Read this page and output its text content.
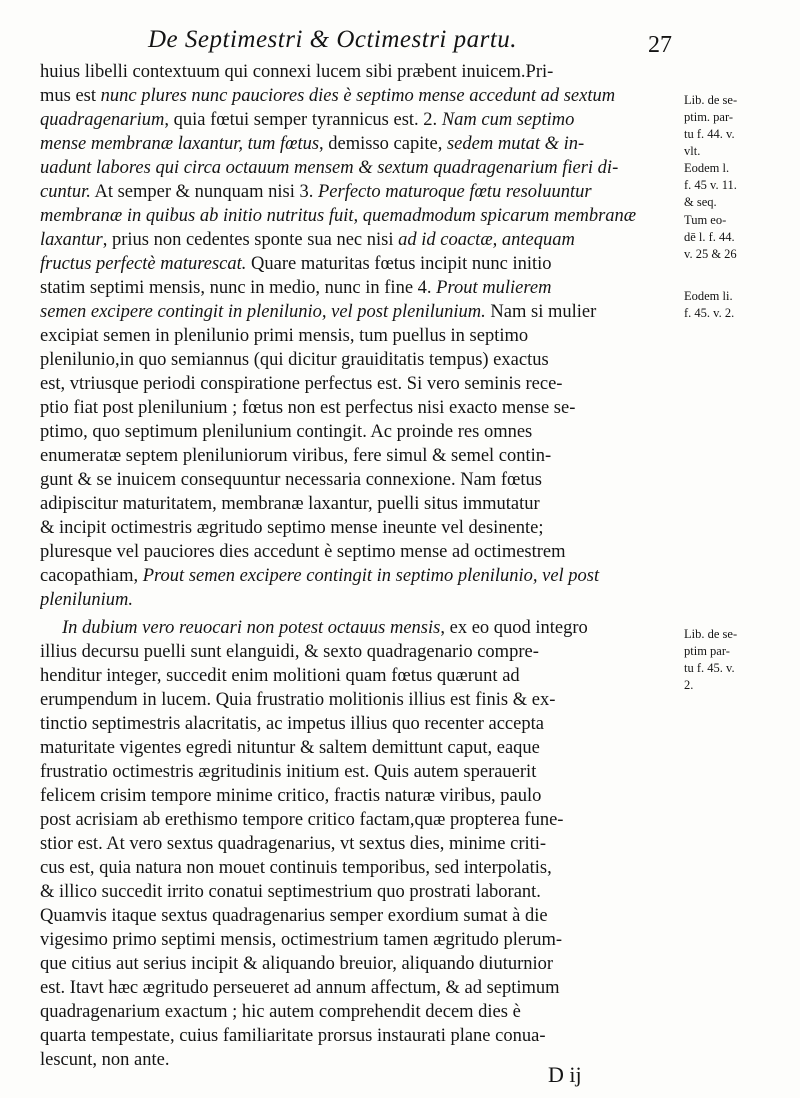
De Septimestri & Octimestri partu.	27
huius libelli contextuum qui connexi lucem sibi præbent inuicem.Pri-
mus est nunc plures nunc pauciores dies è septimo mense accedunt ad sextum
quadragenarium, quia fœtui semper tyrannicus est. 2. Nam cum septimo
mense membranæ laxantur, tum fœtus, demisso capite, sedem mutat & in-
uadunt labores qui circa octauum mensem & sextum quadragenarium fieri di-
cuntur. At semper & nunquam nisi 3. Perfecto maturoque fœtu resoluuntur
membranæ in quibus ab initio nutritus fuit, quemadmodum spicarum membranæ
laxantur, prius non cedentes sponte sua nec nisi ad id coactæ, antequam
fructus perfectè maturescat. Quare maturitas fœtus incipit nunc initio
statim septimi mensis, nunc in medio, nunc in fine 4. Prout mulierem
semen excipere contingit in plenilunio, vel post plenilunium. Nam si mulier
excipiat semen in plenilunio primi mensis, tum puellus in septimo
plenilunio,in quo semiannus (qui dicitur grauiditatis tempus) exactus
est, vtriusque periodi conspiratione perfectus est. Si vero seminis rece-
ptio fiat post plenilunium ; fœtus non est perfectus nisi exacto mense se-
ptimo, quo septimum plenilunium contingit. Ac proinde res omnes
enumeratæ septem pleniluniorum viribus, fere simul & semel contin-
gunt & se inuicem consequuntur necessaria connexione. Nam fœtus
adipiscitur maturitatem, membranæ laxantur, puelli situs immutatur
& incipit octimestris ægritudo septimo mense ineunte vel desinente;
pluresque vel pauciores dies accedunt è septimo mense ad octimestrem
cacopathiam, Prout semen excipere contingit in septimo plenilunio, vel post
plenilunium.
In dubium vero reuocari non potest octauus mensis, ex eo quod integro
illius decursu puelli sunt elanguidi, & sexto quadragenario compre-
henditur integer, succedit enim molitioni quam fœtus quærunt ad
erumpendum in lucem. Quia frustratio molitionis illius est finis & ex-
tinctio septimestris alacritatis, ac impetus illius quo recenter accepta
maturitate vigentes egredi nituntur & saltem demittunt caput, eaque
frustratio octimestris ægritudinis initium est. Quis autem sperauerit
felicem crisim tempore minime critico, fractis naturæ viribus, paulo
post acrisiam ab erethismo tempore critico factam,quæ propterea fune-
stior est. At vero sextus quadragenarius, vt sextus dies, minime criti-
cus est, quia natura non mouet continuis temporibus, sed interpolatis,
& illico succedit irrito conatui septimestrium quo prostrati laborant.
Quamvis itaque sextus quadragenarius semper exordium sumat à die
vigesimo primo septimi mensis, octimestrium tamen ægritudo plerum-
que citius aut serius incipit & aliquando breuior, aliquando diuturnior
est. Itavt hæc ægritudo perseueret ad annum affectum, & ad septimum
quadragenarium exactum ; hic autem comprehendit decem dies è
quarta tempestate, cuius familiaritate prorsus instaurati plane conua-
lescunt, non ante.
Lib. de se-
ptim. par-
tu f. 44. v.
vlt.
Eodem l.
f. 45 v. 11.
& seq.
Tum eo-
dē l. f. 44.
v. 25 & 26
Eodem li.
f. 45. v. 2.
Lib. de se-
ptim par-
tu f. 45. v.
2.
D ij
